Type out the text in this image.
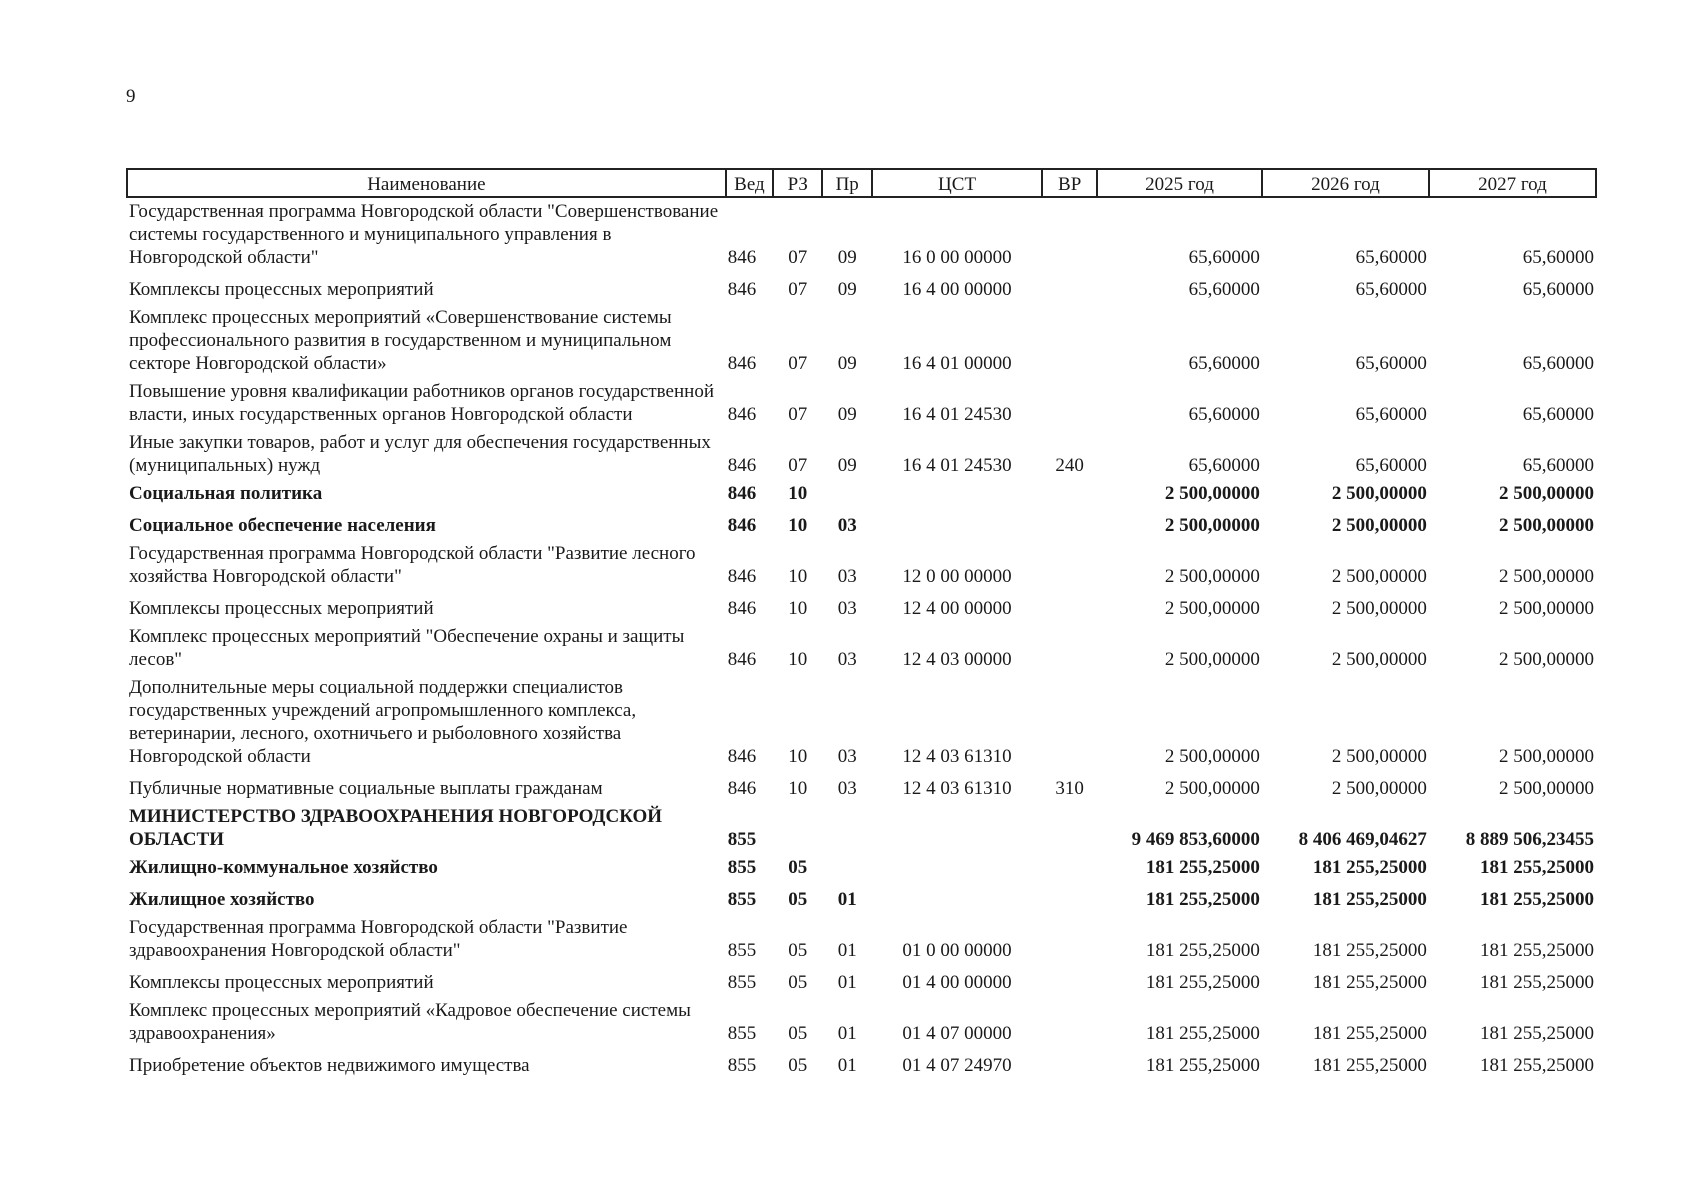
9
Наименование	Вед	РЗ	Пр	ЦСТ	ВР	2025 год	2026 год	2027 год
Государственная программа Новгородской области "Совершенствование системы государственного и муниципального управления в Новгородской области"	846	07	09	16 0 00 00000		65,60000	65,60000	65,60000
Комплексы процессных мероприятий	846	07	09	16 4 00 00000		65,60000	65,60000	65,60000
Комплекс процессных мероприятий «Совершенствование системы профессионального развития в государственном и муниципальном секторе Новгородской области»	846	07	09	16 4 01 00000		65,60000	65,60000	65,60000
Повышение уровня квалификации работников органов государственной власти, иных государственных органов Новгородской области	846	07	09	16 4 01 24530		65,60000	65,60000	65,60000
Иные закупки товаров, работ и услуг для обеспечения государственных (муниципальных) нужд	846	07	09	16 4 01 24530	240	65,60000	65,60000	65,60000
Социальная политика	846	10				2 500,00000	2 500,00000	2 500,00000
Социальное обеспечение населения	846	10	03			2 500,00000	2 500,00000	2 500,00000
Государственная программа Новгородской области "Развитие лесного хозяйства Новгородской области"	846	10	03	12 0 00 00000		2 500,00000	2 500,00000	2 500,00000
Комплексы процессных мероприятий	846	10	03	12 4 00 00000		2 500,00000	2 500,00000	2 500,00000
Комплекс процессных мероприятий "Обеспечение охраны и защиты лесов"	846	10	03	12 4 03 00000		2 500,00000	2 500,00000	2 500,00000
Дополнительные меры социальной поддержки специалистов государственных учреждений агропромышленного комплекса, ветеринарии, лесного, охотничьего и рыболовного хозяйства Новгородской области	846	10	03	12 4 03 61310		2 500,00000	2 500,00000	2 500,00000
Публичные нормативные социальные выплаты гражданам	846	10	03	12 4 03 61310	310	2 500,00000	2 500,00000	2 500,00000
МИНИСТЕРСТВО ЗДРАВООХРАНЕНИЯ НОВГОРОДСКОЙ ОБЛАСТИ	855					9 469 853,60000	8 406 469,04627	8 889 506,23455
Жилищно-коммунальное хозяйство	855	05				181 255,25000	181 255,25000	181 255,25000
Жилищное хозяйство	855	05	01			181 255,25000	181 255,25000	181 255,25000
Государственная программа Новгородской области "Развитие здравоохранения Новгородской области"	855	05	01	01 0 00 00000		181 255,25000	181 255,25000	181 255,25000
Комплексы процессных мероприятий	855	05	01	01 4 00 00000		181 255,25000	181 255,25000	181 255,25000
Комплекс процессных мероприятий «Кадровое обеспечение системы здравоохранения»	855	05	01	01 4 07 00000		181 255,25000	181 255,25000	181 255,25000
Приобретение объектов недвижимого имущества	855	05	01	01 4 07 24970		181 255,25000	181 255,25000	181 255,25000
